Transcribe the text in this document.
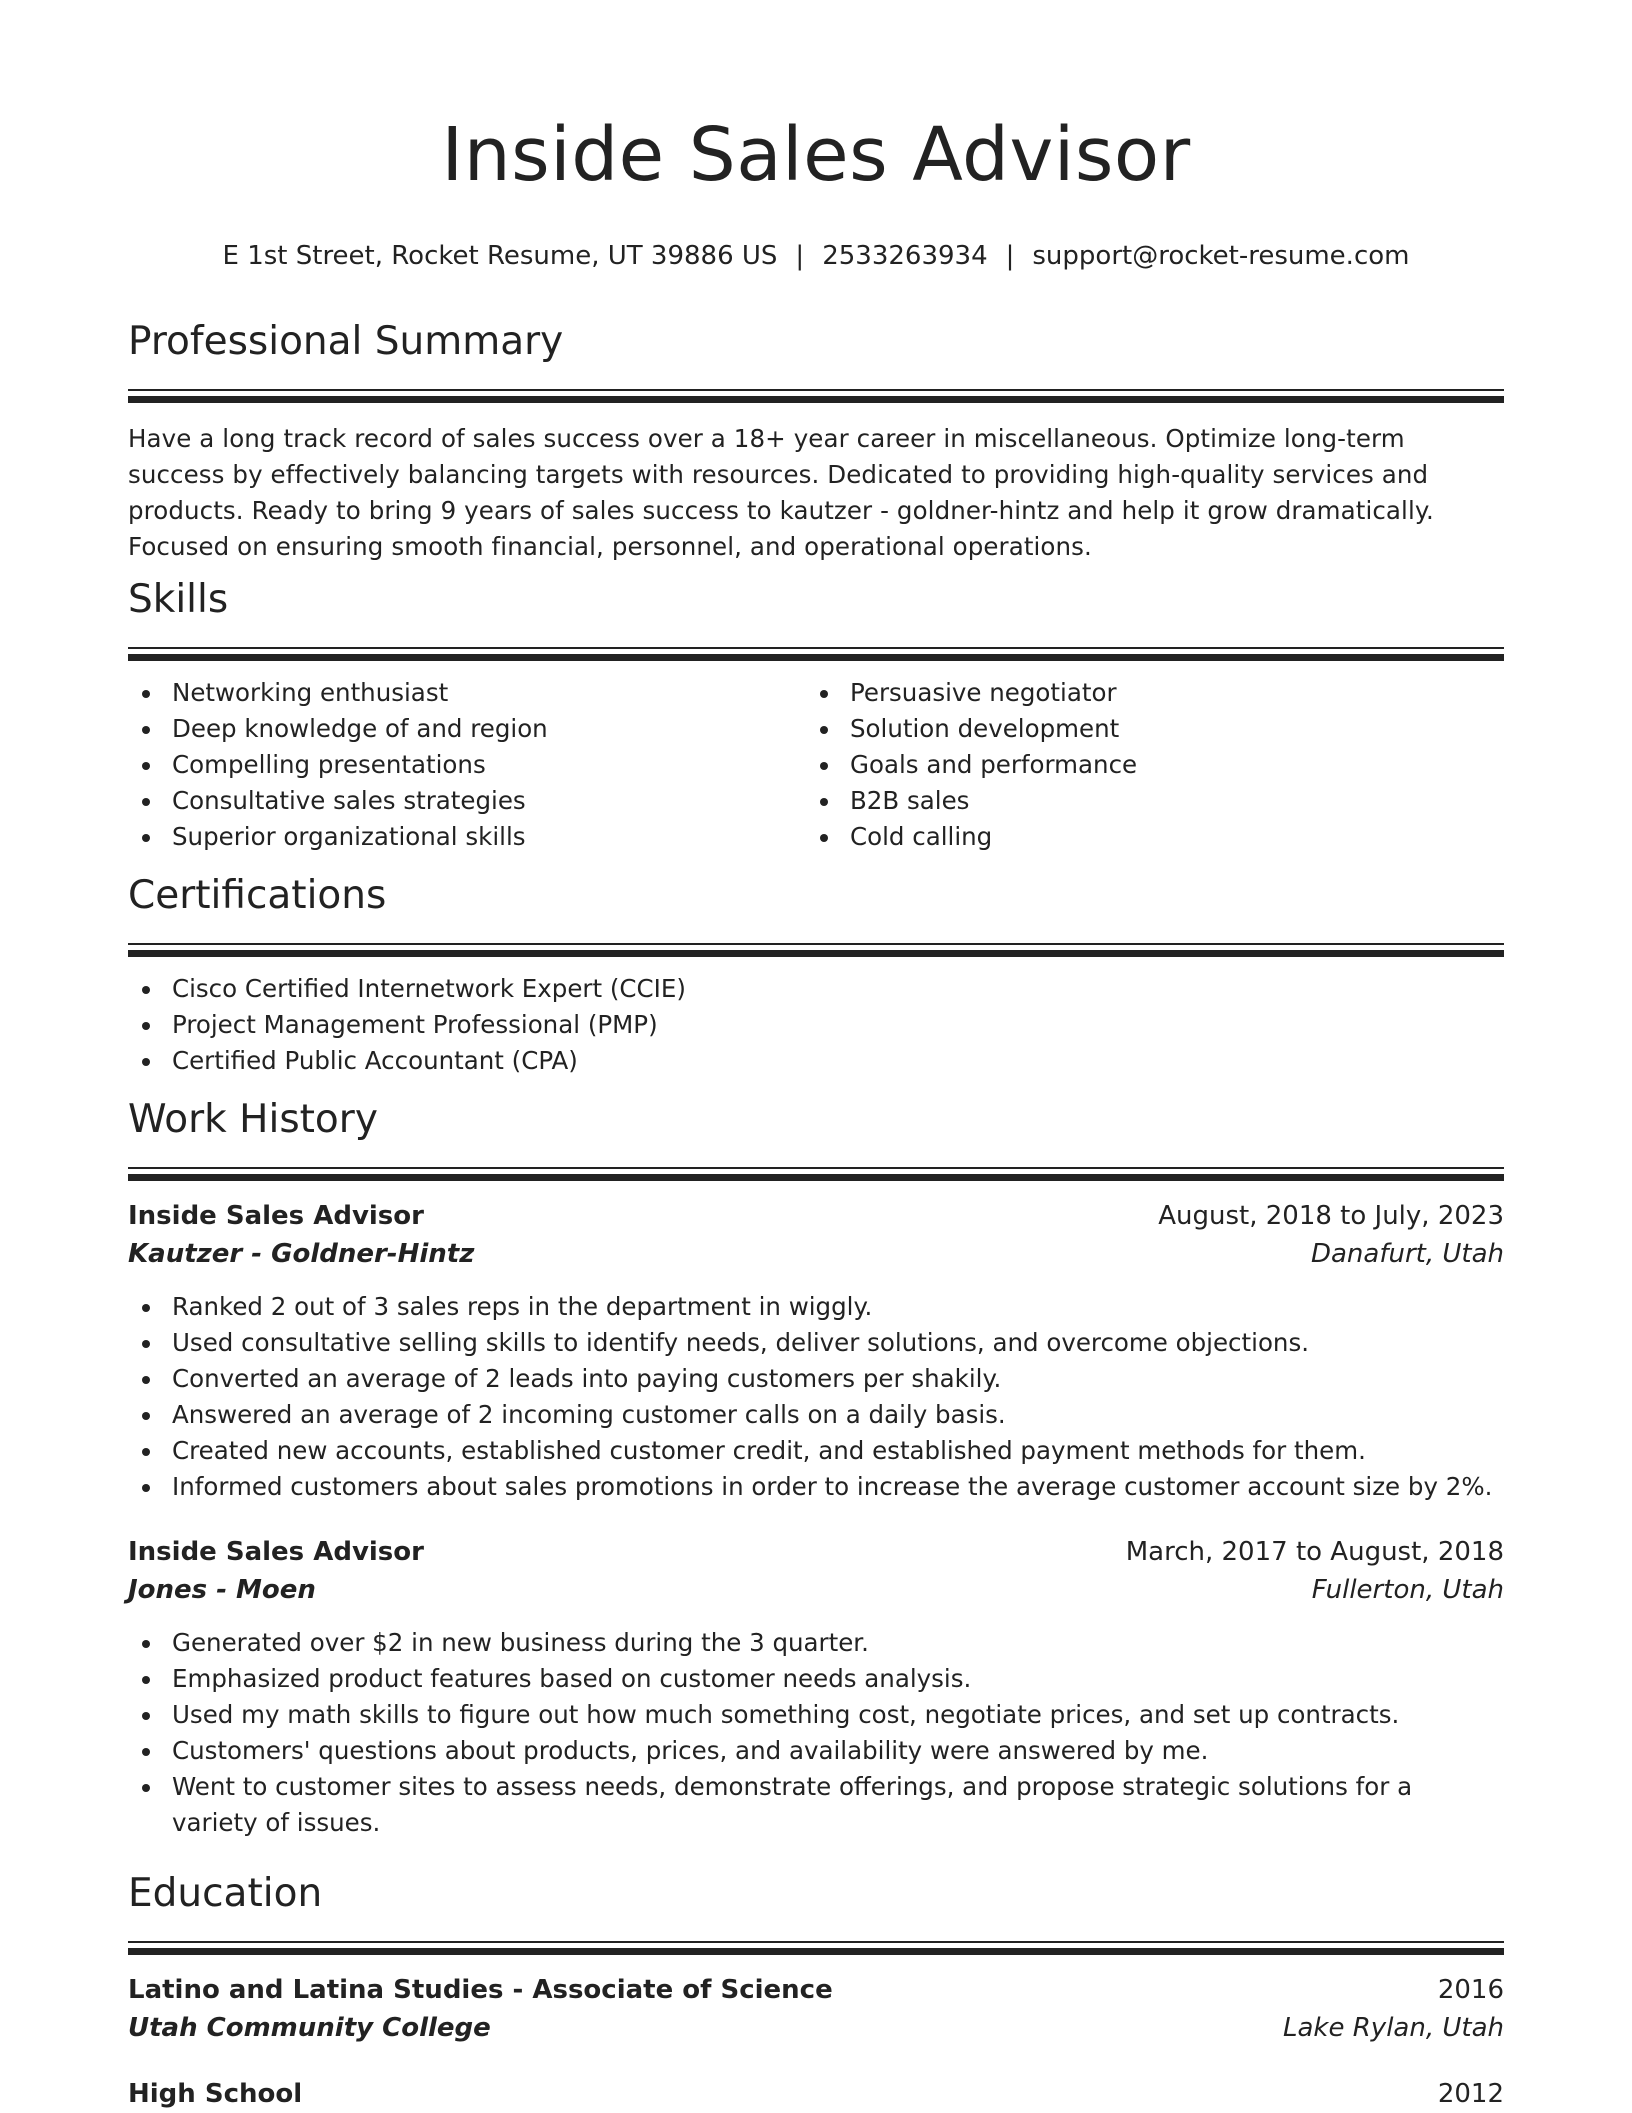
Inside Sales Advisor
E 1st Street, Rocket Resume, UT 39886 US | 2533263934 | support@rocket-resume.com
Professional Summary

Have a long track record of sales success over a 18+ year career in miscellaneous. Optimize long-term success by effectively balancing targets with resources. Dedicated to providing high-quality services and products. Ready to bring 9 years of sales success to kautzer - goldner-hintz and help it grow dramatically. Focused on ensuring smooth financial, personnel, and operational operations.

Skills
Networking enthusiast
Deep knowledge of and region
Compelling presentations
Consultative sales strategies
Superior organizational skills
Persuasive negotiator
Solution development
Goals and performance
B2B sales
Cold calling
Certifications
Cisco Certified Internetwork Expert (CCIE)
Project Management Professional (PMP)
Certified Public Accountant (CPA)
Work History
Inside Sales Advisor	August, 2018 to July, 2023
Kautzer - Goldner-Hintz	Danafurt, Utah
Ranked 2 out of 3 sales reps in the department in wiggly.
Used consultative selling skills to identify needs, deliver solutions, and overcome objections.
Converted an average of 2 leads into paying customers per shakily.
Answered an average of 2 incoming customer calls on a daily basis.
Created new accounts, established customer credit, and established payment methods for them.
Informed customers about sales promotions in order to increase the average customer account size by 2%.
Inside Sales Advisor	March, 2017 to August, 2018
Jones - Moen	Fullerton, Utah
Generated over $2 in new business during the 3 quarter.
Emphasized product features based on customer needs analysis.
Used my math skills to figure out how much something cost, negotiate prices, and set up contracts.
Customers' questions about products, prices, and availability were answered by me.
Went to customer sites to assess needs, demonstrate offerings, and propose strategic solutions for a variety of issues.
Education
Latino and Latina Studies - Associate of Science	2016
Utah Community College	Lake Rylan, Utah
High School	2012
